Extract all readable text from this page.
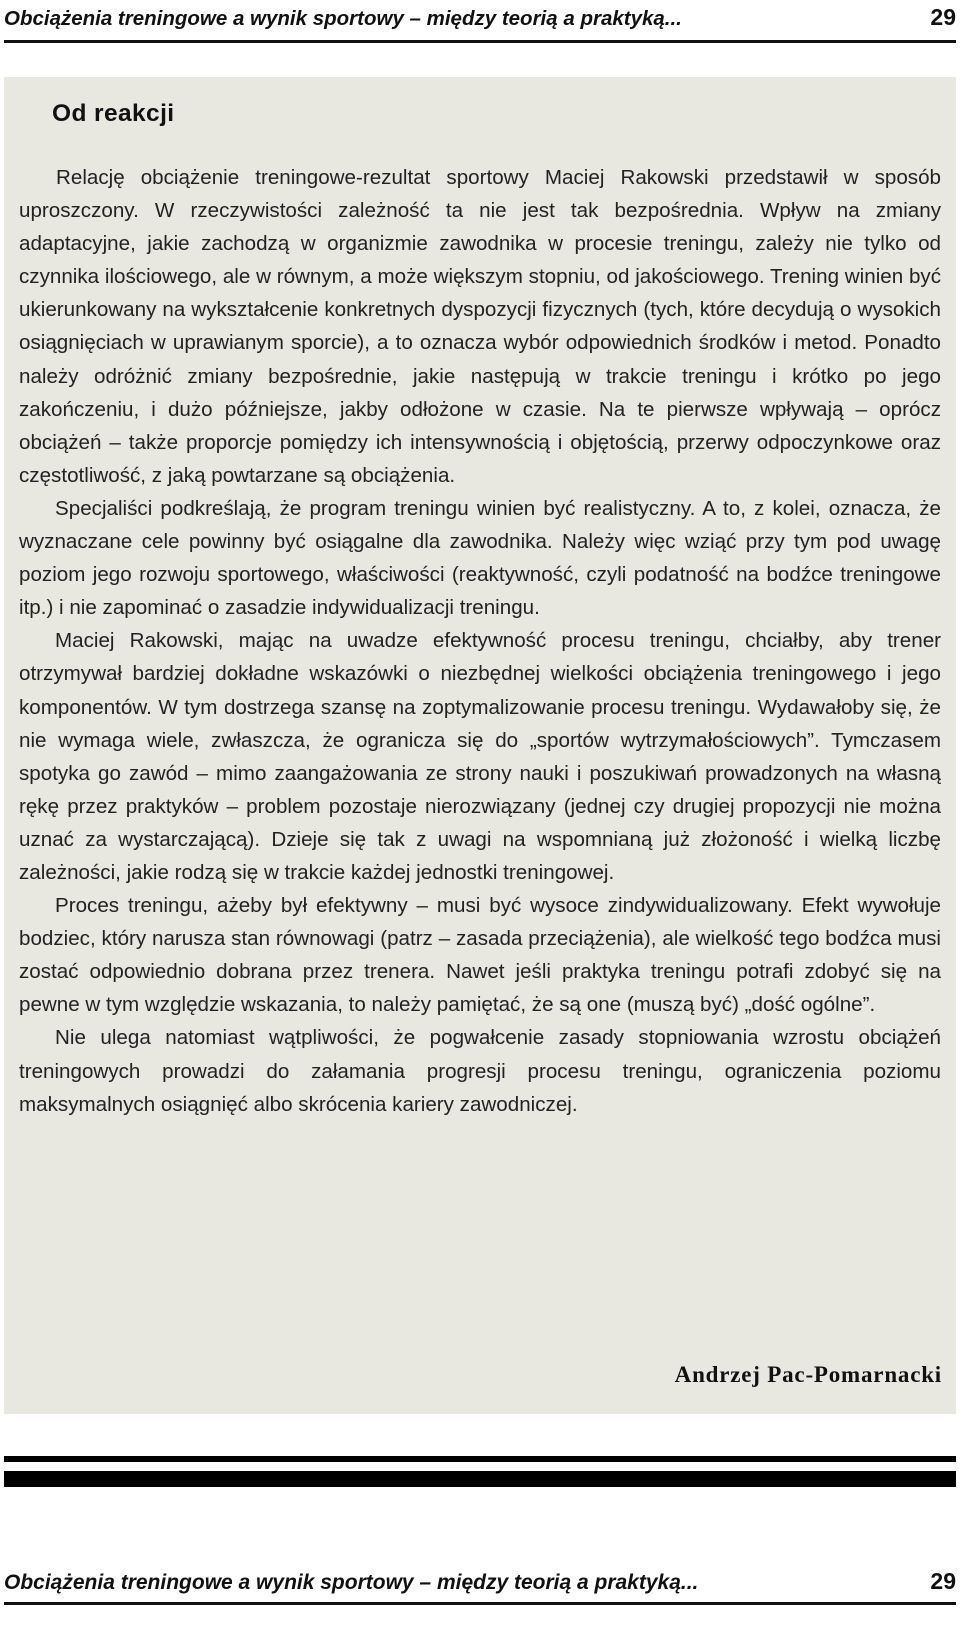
Obciążenia treningowe a wynik sportowy – między teorią a praktyką...	29
Od reakcji

Relację obciążenie treningowe-rezultat sportowy Maciej Rakowski przedstawił w sposób uproszczony. W rzeczywistości zależność ta nie jest tak bezpośrednia. Wpływ na zmiany adaptacyjne, jakie zachodzą w organizmie zawodnika w procesie treningu, zależy nie tylko od czynnika ilościowego, ale w równym, a może większym stopniu, od jakościowego. Trening winien być ukierunkowany na wykształcenie konkretnych dyspozycji fizycznych (tych, które decydują o wysokich osiągnięciach w uprawianym sporcie), a to oznacza wybór odpowiednich środków i metod. Ponadto należy odróżnić zmiany bezpośrednie, jakie następują w trakcie treningu i krótko po jego zakończeniu, i dużo późniejsze, jakby odłożone w czasie. Na te pierwsze wpływają – oprócz obciążeń – także proporcje pomiędzy ich intensywnością i objętością, przerwy odpoczynkowe oraz częstotliwość, z jaką powtarzane są obciążenia.

Specjaliści podkreślają, że program treningu winien być realistyczny. A to, z kolei, oznacza, że wyznaczane cele powinny być osiągalne dla zawodnika. Należy więc wziąć przy tym pod uwagę poziom jego rozwoju sportowego, właściwości (reaktywność, czyli podatność na bodźce treningowe itp.) i nie zapominać o zasadzie indywidualizacji treningu.

Maciej Rakowski, mając na uwadze efektywność procesu treningu, chciałby, aby trener otrzymywał bardziej dokładne wskazówki o niezbędnej wielkości obciążenia treningowego i jego komponentów. W tym dostrzega szansę na zoptymalizowanie procesu treningu. Wydawałoby się, że nie wymaga wiele, zwłaszcza, że ogranicza się do „sportów wytrzymałościowych”. Tymczasem spotyka go zawód – mimo zaangażowania ze strony nauki i poszukiwań prowadzonych na własną rękę przez praktyków – problem pozostaje nierozwiązany (jednej czy drugiej propozycji nie można uznać za wystarczającą). Dzieje się tak z uwagi na wspomnianą już złożoność i wielką liczbę zależności, jakie rodzą się w trakcie każdej jednostki treningowej.

Proces treningu, ażeby był efektywny – musi być wysoce zindywidualizowany. Efekt wywołuje bodziec, który narusza stan równowagi (patrz – zasada przeciążenia), ale wielkość tego bodźca musi zostać odpowiednio dobrana przez trenera. Nawet jeśli praktyka treningu potrafi zdobyć się na pewne w tym względzie wskazania, to należy pamiętać, że są one (muszą być) „dość ogólne”.

Nie ulega natomiast wątpliwości, że pogwałcenie zasady stopniowania wzrostu obciążeń treningowych prowadzi do załamania progresji procesu treningu, ograniczenia poziomu maksymalnych osiągnięć albo skrócenia kariery zawodniczej.

Andrzej Pac-Pomarnacki
Obciążenia treningowe a wynik sportowy – między teorią a praktyką...	29
